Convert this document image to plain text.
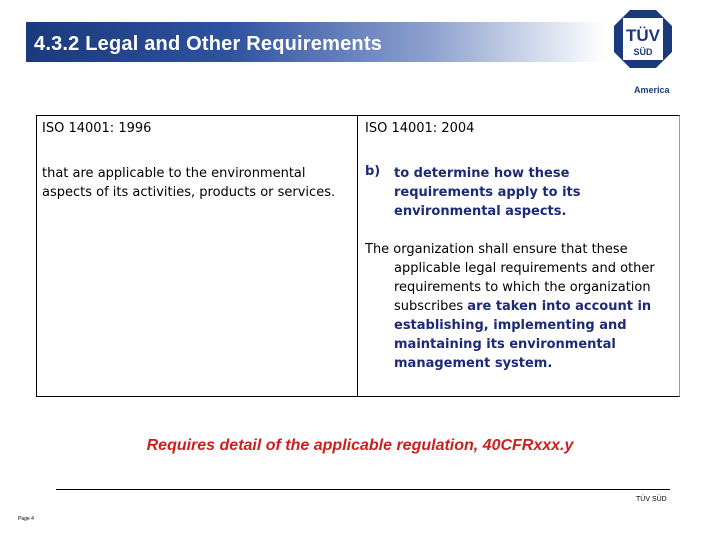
4.3.2 Legal and Other Requirements	TÜV
SÜD
America
ISO 14001: 1996	ISO 14001: 2004
that are applicable to the environmental aspects of its activities, products or services.
b) to determine how these requirements apply to its environmental aspects.
The organization shall ensure that these
applicable legal requirements and other requirements to which the organization subscribes are taken into account in establishing, implementing and maintaining its environmental management system.
Requires detail of the applicable regulation, 40CFRxxx.y
TÜV SÜD
Page 4
